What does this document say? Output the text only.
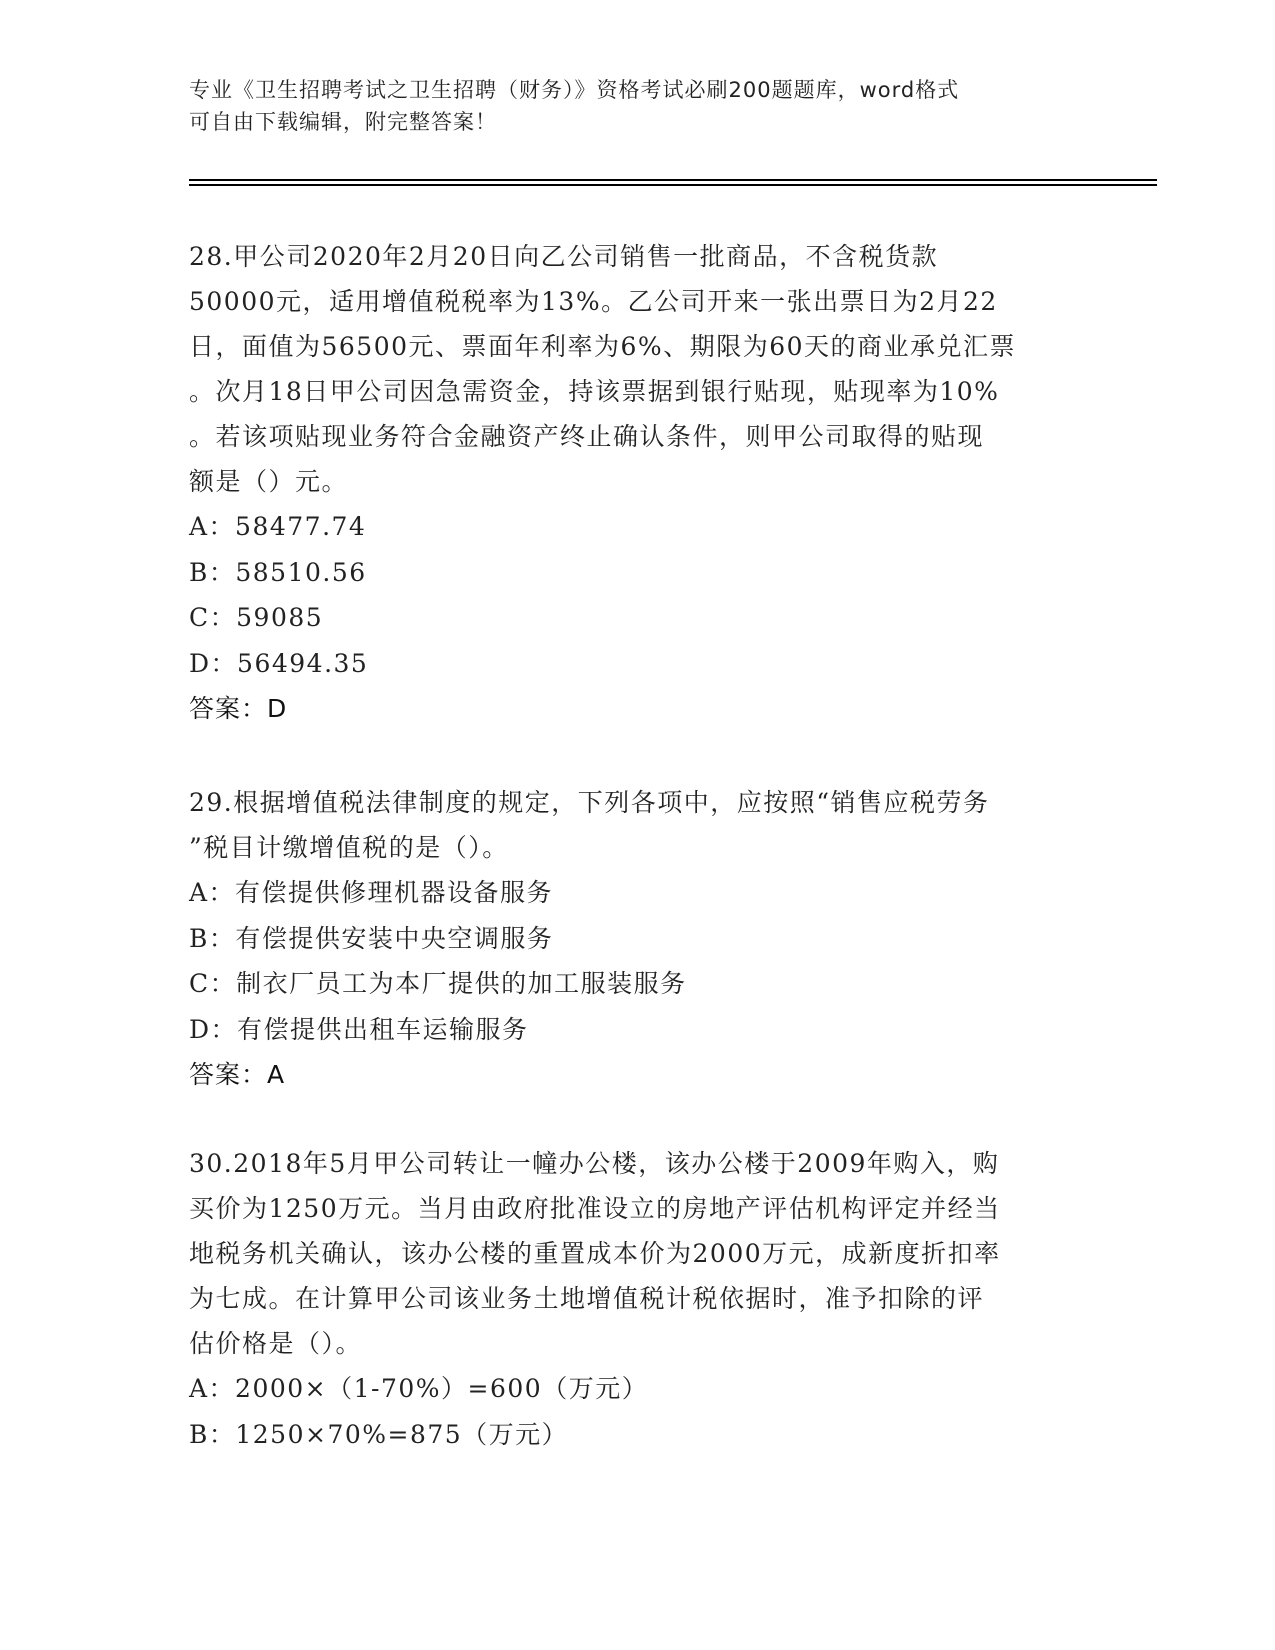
专业《卫生招聘考试之卫生招聘（财务）》资格考试必刷200题题库，word格式
可自由下载编辑，附完整答案！

28.甲公司2020年2月20日向乙公司销售一批商品，不含税货款

50000元，适用增值税税率为13%。乙公司开来一张出票日为2月22

日，面值为56500元、票面年利率为6%、期限为60天的商业承兑汇票

。次月18日甲公司因急需资金，持该票据到银行贴现，贴现率为10%

。若该项贴现业务符合金融资产终止确认条件，则甲公司取得的贴现

额是（）元。

A：58477.74

B：58510.56

C：59085

D：56494.35

答案：D

29.根据增值税法律制度的规定，下列各项中，应按照“销售应税劳务

”税目计缴增值税的是（）。

A：有偿提供修理机器设备服务

B：有偿提供安装中央空调服务

C：制衣厂员工为本厂提供的加工服装服务

D：有偿提供出租车运输服务

答案：A

30.2018年5月甲公司转让一幢办公楼，该办公楼于2009年购入，购

买价为1250万元。当月由政府批准设立的房地产评估机构评定并经当

地税务机关确认，该办公楼的重置成本价为2000万元，成新度折扣率

为七成。在计算甲公司该业务土地增值税计税依据时，准予扣除的评

估价格是（）。

A：2000×（1-70%）=600（万元）

B：1250×70%=875（万元）
